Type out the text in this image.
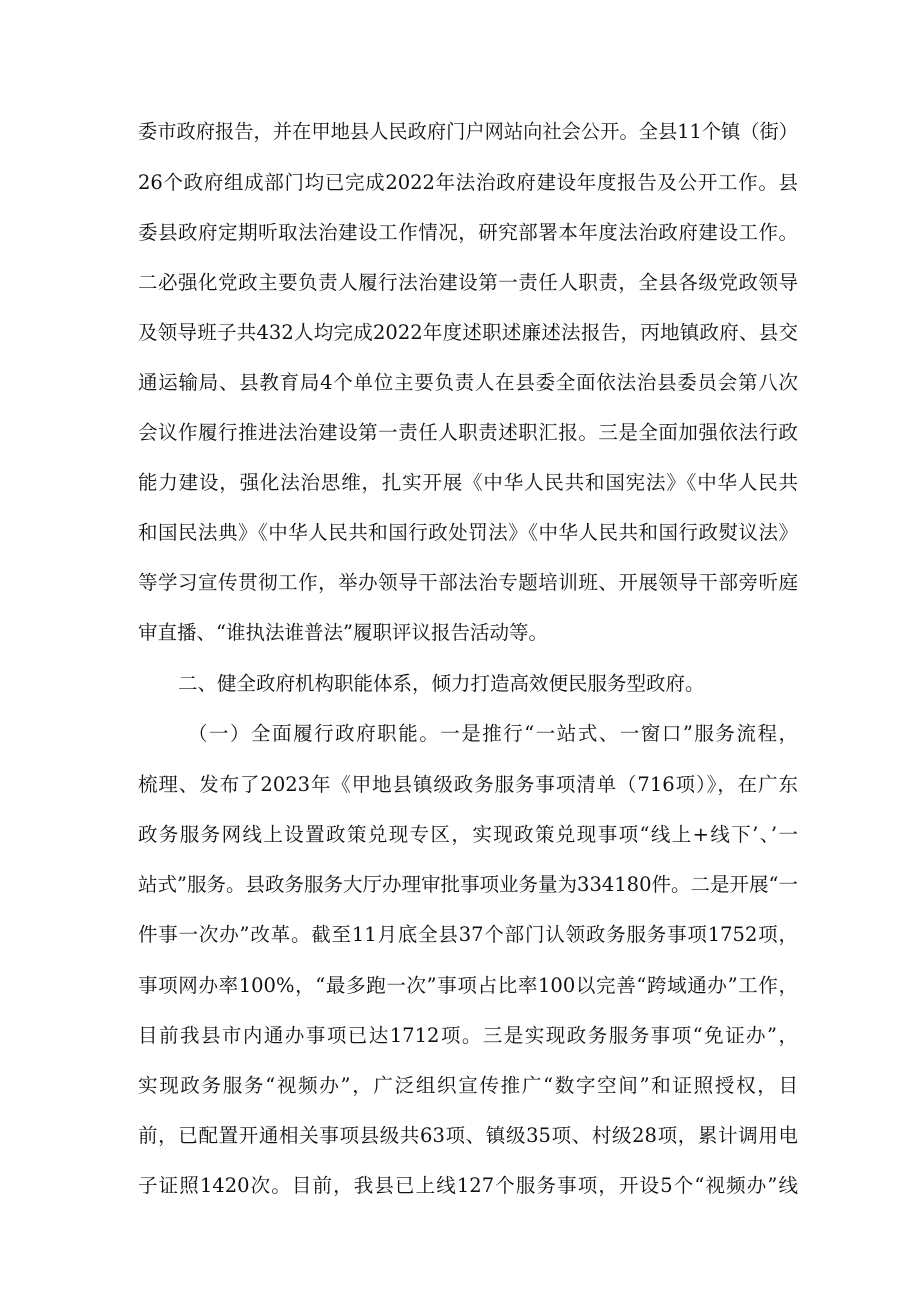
委市政府报告，并在甲地县人民政府门户网站向社会公开。全县11个镇（街）
26个政府组成部门均已完成2022年法治政府建设年度报告及公开工作。县
委县政府定期听取法治建设工作情况，研究部署本年度法治政府建设工作。
二必强化党政主要负责人履行法治建设第一责任人职责，全县各级党政领导
及领导班子共432人均完成2022年度述职述廉述法报告，丙地镇政府、县交
通运输局、县教育局4个单位主要负责人在县委全面依法治县委员会第八次
会议作履行推进法治建设第一责任人职责述职汇报。三是全面加强依法行政
能力建设，强化法治思维，扎实开展《中华人民共和国宪法》《中华人民共
和国民法典》《中华人民共和国行政处罚法》《中华人民共和国行政熨议法》
等学习宣传贯彻工作，举办领导干部法治专题培训班、开展领导干部旁听庭
审直播、“谁执法谁普法”履职评议报告活动等。
二、健全政府机构职能体系，倾力打造高效便民服务型政府。
（一）全面履行政府职能。一是推行“一站式、一窗口”服务流程，
梳理、发布了2023年《甲地县镇级政务服务事项清单（716项）》，在广东
政务服务网线上设置政策兑现专区，实现政策兑现事项“线上+线下’、’一
站式”服务。县政务服务大厅办理审批事项业务量为334180件。二是开展“一
件事一次办”改革。截至11月底全县37个部门认领政务服务事项1752项，
事项网办率100%，“最多跑一次”事项占比率100以完善“跨域通办”工作，
目前我县市内通办事项已达1712项。三是实现政务服务事项“免证办”，
实现政务服务“视频办”，广泛组织宣传推广“数字空间”和证照授权，目
前，已配置开通相关事项县级共63项、镇级35项、村级28项，累计调用电
子证照1420次。目前，我县已上线127个服务事项，开设5个“视频办”线
